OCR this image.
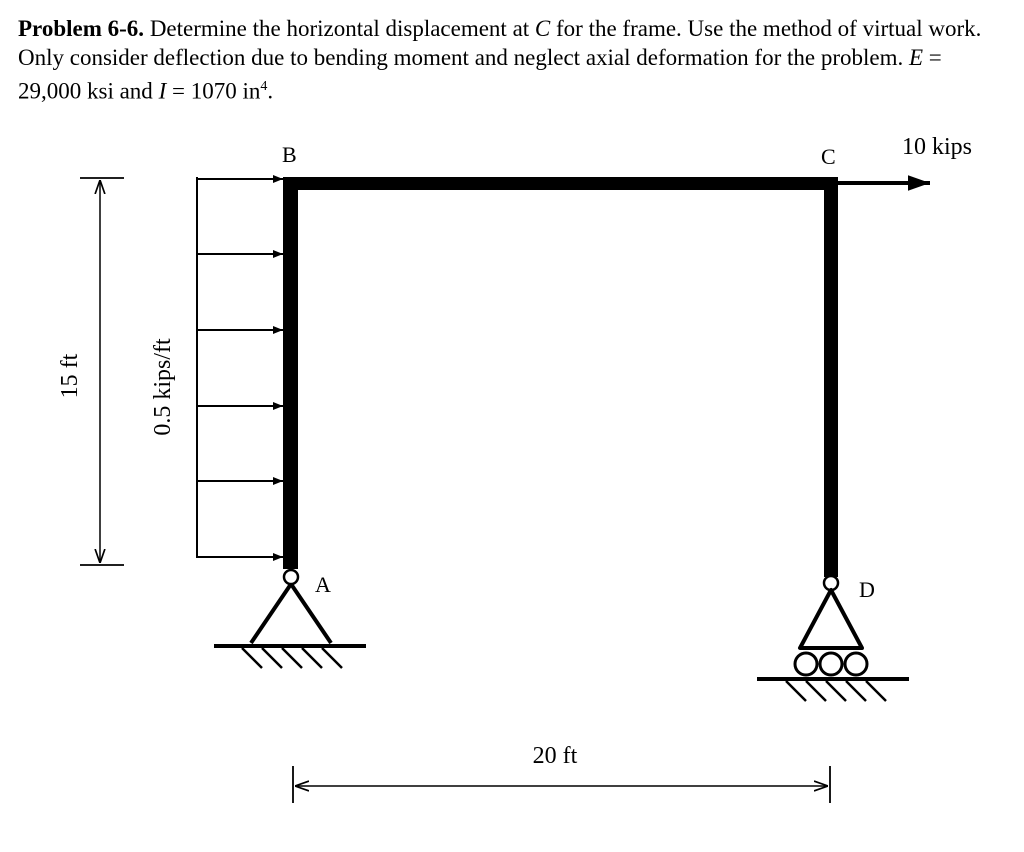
Problem 6-6. Determine the horizontal displacement at C for the frame. Use the method of virtual work. Only consider deflection due to bending moment and neglect axial deformation for the problem. E = 29,000 ksi and I = 1070 $in^4$.

B	C
A	D
10 kips
0.5 kips/ft
15 ft
20 ft
